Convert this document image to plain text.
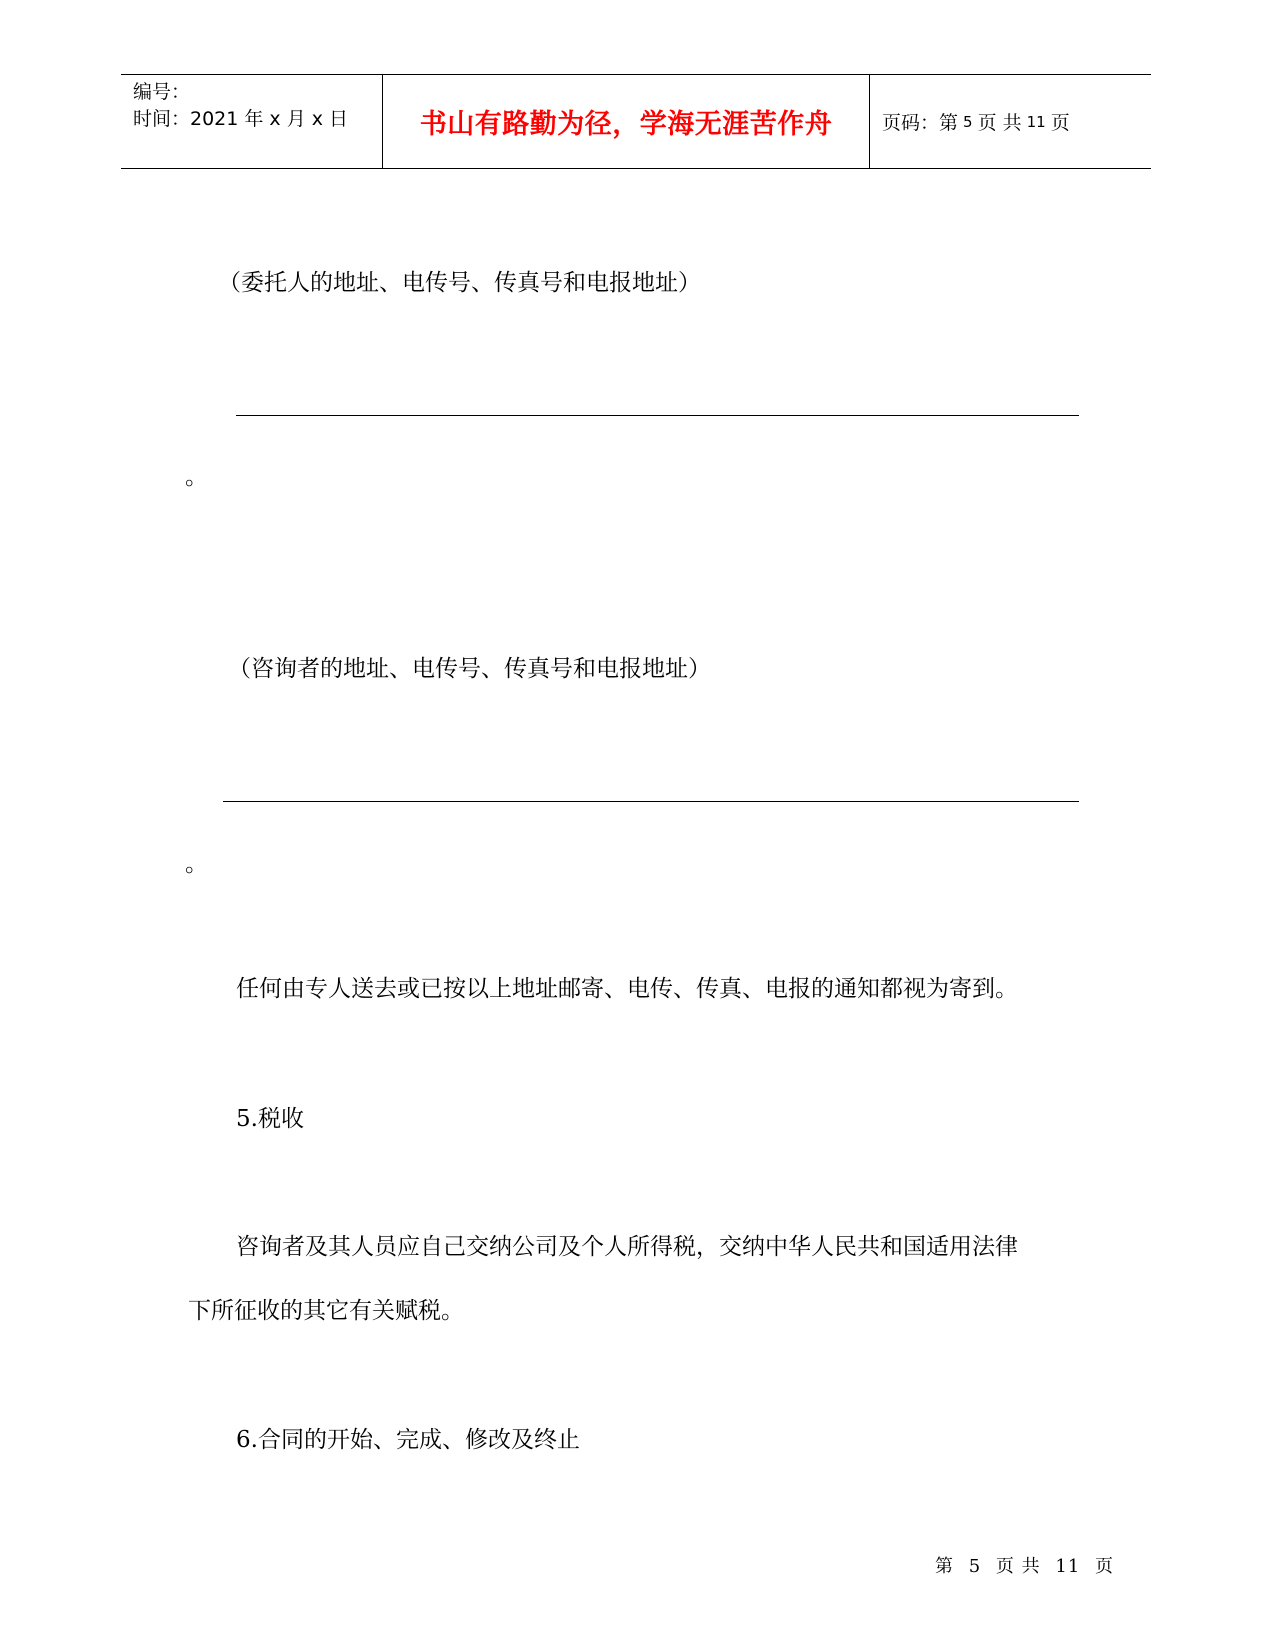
编号：
时间：2021 年 x 月 x 日	书山有路勤为径，学海无涯苦作舟	页码：第 5 页 共 11 页
（委托人的地址、电传号、传真号和电报地址）
。
（咨询者的地址、电传号、传真号和电报地址）
。
任何由专人送去或已按以上地址邮寄、电传、传真、电报的通知都视为寄到。
5.税收
咨询者及其人员应自己交纳公司及个人所得税，交纳中华人民共和国适用法律
下所征收的其它有关赋税。
6.合同的开始、完成、修改及终止
第 5 页 共 11 页
